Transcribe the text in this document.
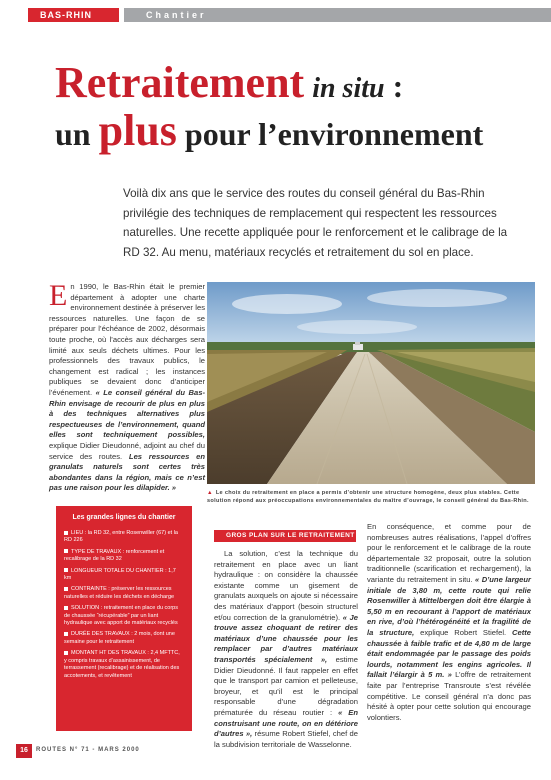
BAS-RHIN	Chantier
Retraitement in situ :
un plus pour l’environnement

Voilà dix ans que le service des routes du conseil général du Bas-Rhin privilégie des techniques de remplacement qui respectent les ressources naturelles. Une recette appliquée pour le renforcement et le calibrage de la RD 32. Au menu, matériaux recyclés et retraitement du sol en place.

En 1990, le Bas-Rhin était le premier département à adopter une charte environnement destinée à préserver les ressources naturelles. Une façon de se préparer pour l’échéance de 2002, désormais toute proche, où l’accès aux décharges sera limité aux seuls déchets ultimes. Pour les professionnels des travaux publics, le changement est radical ; les instances publiques se devaient donc d’anticiper l’événement. « Le conseil général du Bas-Rhin envisage de recourir de plus en plus à des techniques alternatives plus respectueuses de l’environnement, quand elles sont techniquement possibles, explique Didier Dieudonné, adjoint au chef du service des routes. Les ressources en granulats naturels sont certes très abondantes dans la région, mais ce n’est pas une raison pour les dilapider. »

▲ Le choix du retraitement en place a permis d’obtenir une structure homogène, deux plus stables. Cette solution répond aux préoccupations environnementales du maître d’ouvrage, le conseil général du Bas-Rhin.

Les grandes lignes du chantier
LIEU : la RD 32, entre Rosenwiller (67) et la RD 226
TYPE DE TRAVAUX : renforcement et recalibrage de la RD 32
LONGUEUR TOTALE DU CHANTIER : 1,7 km
CONTRAINTE : préserver les ressources naturelles et réduire les déchets en décharge
SOLUTION : retraitement en place du corps de chaussée “récupérable” par un liant hydraulique avec apport de matériaux recyclés
DURÉE DES TRAVAUX : 2 mois, dont une semaine pour le retraitement
MONTANT HT DES TRAVAUX : 2,4 MFTTC, y compris travaux d’assainissement, de terrassement (recalibrage) et de réalisation des accotements, et revêtement
GROS PLAN SUR LE RETRAITEMENT

La solution, c’est la technique du retraitement en place avec un liant hydraulique : on considère la chaussée existante comme un gisement de granulats auxquels on ajoute si nécessaire des matériaux d’apport (besoin structurel et/ou correction de la granulométrie). « Je trouve assez choquant de retirer des matériaux d’une chaussée pour les remplacer par d’autres matériaux transportés spécialement », estime Didier Dieudonné. Il faut rappeler en effet que le transport par camion et pelleteuse, broyeur, et qu’il est le principal responsable d’une dégradation prématurée du réseau routier : « En construisant une route, on en détériore d’autres », résume Robert Stiefel, chef de la subdivision territoriale de Wasselonne.

En conséquence, et comme pour de nombreuses autres réalisations, l’appel d’offres pour le renforcement et le calibrage de la route départementale 32 proposait, outre la solution traditionnelle (scarification et rechargement), la variante du retraitement in situ. « D’une largeur initiale de 3,80 m, cette route qui relie Rosenwiller à Mittelbergen doit être élargie à 5,50 m en recourant à l’apport de matériaux en rive, d’où l’hétérogénéité et la fragilité de la structure, explique Robert Stiefel. Cette chaussée à faible trafic et de 4,80 m de large était endommagée par le passage des poids lourds, notamment les engins agricoles. Il fallait l’élargir à 5 m. » L’offre de retraitement faite par l’entreprise Transroute s’est révélée compétitive. Le conseil général n’a donc pas hésité à opter pour cette solution qui encourage volontiers.
16	ROUTES N° 71 - MARS 2000
